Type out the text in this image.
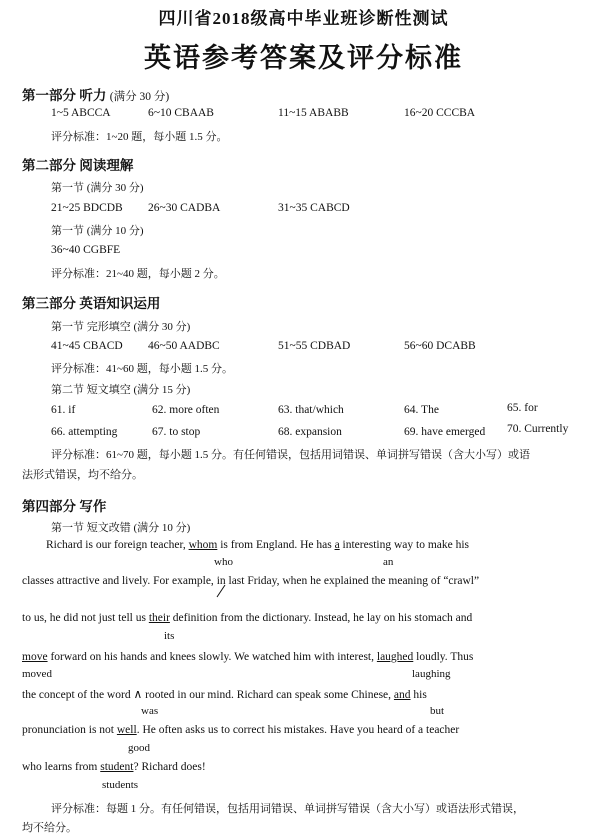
四川省2018级高中毕业班诊断性测试
英语参考答案及评分标准
第一部分 听力 (满分 30 分)
1~5 ABCCA	6~10 CBAAB	11~15 ABABB	16~20 CCCBA
评分标准：1~20 题，每小题 1.5 分。
第二部分 阅读理解
第一节 (满分 30 分)
21~25 BDCDB 26~30 CADBA	31~35 CABCD
第一节 (满分 10 分)
36~40 CGBFE
评分标准：21~40 题，每小题 2 分。
第三部分 英语知识运用
第一节 完形填空 (满分 30 分)
41~45 CBACD 46~50 AADBC	51~55 CDBAD	56~60 DCABB
评分标准：41~60 题，每小题 1.5 分。
第二节 短文填空 (满分 15 分)
61. if	62. more often	63. that/which	64. The	65. for
66. attempting	67. to stop	68. expansion	69. have emerged 70. Currently
评分标准：61~70 题，每小题 1.5 分。有任何错误，包括用词错误、单词拼写错误（含大小写）或语
法形式错误，均不给分。
第四部分 写作
第一节 短文改错 (满分 10 分)
Richard is our foreign teacher, whom is from England. He has a interesting way to make his
who	an
classes attractive and lively. For example,
in last Friday, when he explained the meaning of “crawl”
to us, he did not just tell us their definition from the dictionary. Instead, he lay on his stomach and
its
move forward on his hands and knees slowly. We watched him with interest, laughed loudly. Thus
moved	laughing
the concept of the word ∧ rooted in our mind. Richard can speak some Chinese, and his
was	but
pronunciation is not well. He often asks us to correct his mistakes. Have you heard of a teacher
good
who learns from student? Richard does!
students
评分标准：每题 1 分。有任何错误，包括用词错误、单词拼写错误（含大小写）或语法形式错误，
均不给分。
